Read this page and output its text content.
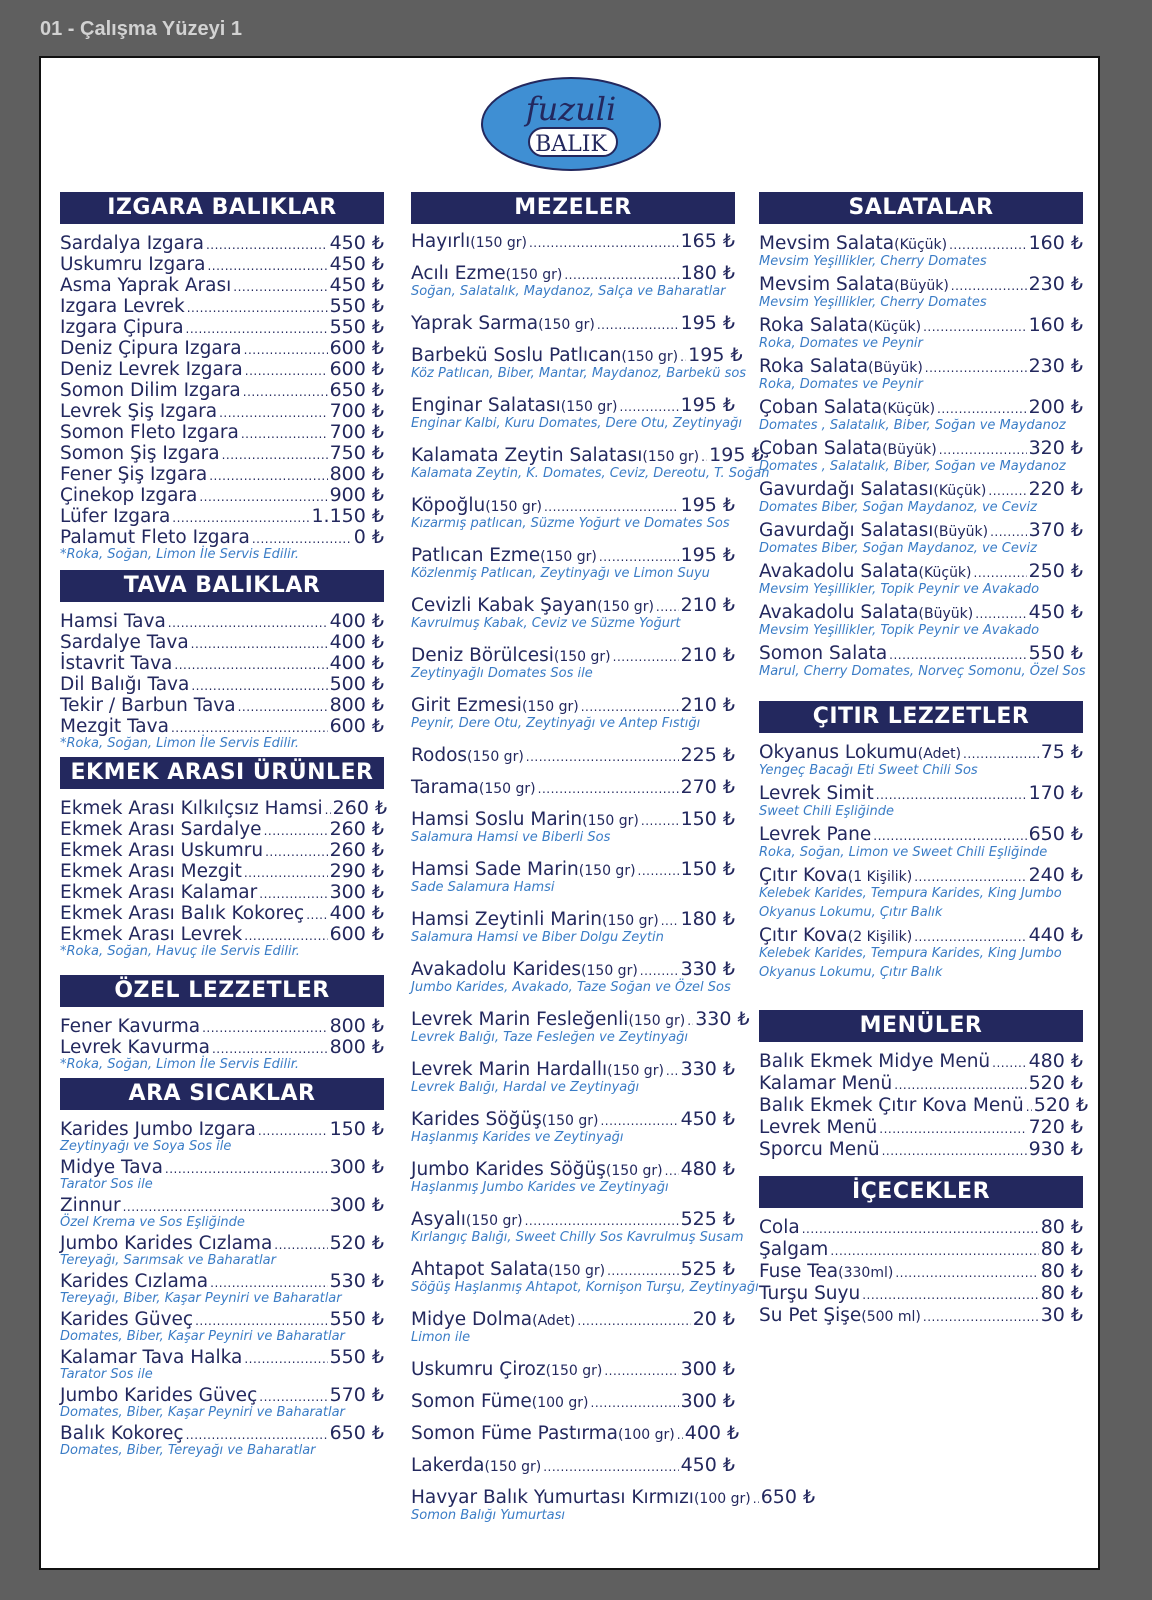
01 - Çalışma Yüzeyi 1
fuzuli
BALIK
IZGARA BALIKLAR
Sardalya Izgara .....	450 ₺
Uskumru Izgara .....	450 ₺
Asma Yaprak Arası .....	450 ₺
Izgara Levrek .....	550 ₺
Izgara Çipura .....	550 ₺
Deniz Çipura Izgara .....	600 ₺
Deniz Levrek Izgara .....	600 ₺
Somon Dilim Izgara .....	650 ₺
Levrek Şiş Izgara .....	700 ₺
Somon Fleto Izgara .....	700 ₺
Somon Şiş Izgara .....	750 ₺
Fener Şiş Izgara .....	800 ₺
Çinekop Izgara .....	900 ₺
Lüfer Izgara .....	1.150 ₺
Palamut Fleto Izgara .....	0 ₺
*Roka, Soğan, Limon İle Servis Edilir.
TAVA BALIKLAR
Hamsi Tava .....	400 ₺
Sardalye Tava .....	400 ₺
İstavrit Tava .....	400 ₺
Dil Balığı Tava .....	500 ₺
Tekir / Barbun Tava .....	800 ₺
Mezgit Tava .....	600 ₺
*Roka, Soğan, Limon İle Servis Edilir.
EKMEK ARASI ÜRÜNLER
Ekmek Arası Kılkılçsız Hamsi ..... 260 ₺
Ekmek Arası Sardalye .....	260 ₺
Ekmek Arası Uskumru .....	260 ₺
Ekmek Arası Mezgit .....	290 ₺
Ekmek Arası Kalamar .....	300 ₺
Ekmek Arası Balık Kokoreç ..... 400 ₺
Ekmek Arası Levrek .....	600 ₺
*Roka, Soğan, Havuç ile Servis Edilir.
ÖZEL LEZZETLER
Fener Kavurma .....	800 ₺
Levrek Kavurma .....	800 ₺
*Roka, Soğan, Limon İle Servis Edilir.
ARA SICAKLAR
Karides Jumbo Izgara .....	150 ₺
Zeytinyağı ve Soya Sos ile
Midye Tava .....	300 ₺
Tarator Sos ile
Zinnur .....	300 ₺
Özel Krema ve Sos Eşliğinde
Jumbo Karides Cızlama .....	520 ₺
Tereyağı, Sarımsak ve Baharatlar
Karides Cızlama .....	530 ₺
Tereyağı, Biber, Kaşar Peyniri ve Baharatlar
Karides Güveç .....	550 ₺
Domates, Biber, Kaşar Peyniri ve Baharatlar
Kalamar Tava Halka .....	550 ₺
Tarator Sos ile
Jumbo Karides Güveç .....	570 ₺
Domates, Biber, Kaşar Peyniri ve Baharatlar
Balık Kokoreç .....	650 ₺
Domates, Biber, Tereyağı ve Baharatlar
MEZELER
Hayırlı(150 gr) .....	165 ₺
Acılı Ezme(150 gr) .....	180 ₺
Soğan, Salatalık, Maydanoz, Salça ve Baharatlar
Yaprak Sarma(150 gr) .....	195 ₺
Barbekü Soslu Patlıcan(150 gr) ..... 195 ₺
Köz Patlıcan, Biber, Mantar, Maydanoz, Barbekü sos
Enginar Salatası(150 gr) .....	195 ₺
Enginar Kalbi, Kuru Domates, Dere Otu, Zeytinyağı
Kalamata Zeytin Salatası(150 gr) ..... 195 ₺
Kalamata Zeytin, K. Domates, Ceviz, Dereotu, T. Soğan
Köpoğlu(150 gr) .....	195 ₺
Kızarmış patlıcan, Süzme Yoğurt ve Domates Sos
Patlıcan Ezme(150 gr) .....	195 ₺
Közlenmiş Patlıcan, Zeytinyağı ve Limon Suyu
Cevizli Kabak Şayan(150 gr) ..... 210 ₺
Kavrulmuş Kabak, Ceviz ve Süzme Yoğurt
Deniz Börülcesi(150 gr) .....	210 ₺
Zeytinyağlı Domates Sos ile
Girit Ezmesi(150 gr) .....	210 ₺
Peynir, Dere Otu, Zeytinyağı ve Antep Fıstığı
Rodos(150 gr) .....	225 ₺
Tarama(150 gr) .....	270 ₺
Hamsi Soslu Marin(150 gr) ..... 150 ₺
Salamura Hamsi ve Biberli Sos
Hamsi Sade Marin(150 gr) ..... 150 ₺
Sade Salamura Hamsi
Hamsi Zeytinli Marin(150 gr) ..... 180 ₺
Salamura Hamsi ve Biber Dolgu Zeytin
Avakadolu Karides(150 gr) ..... 330 ₺
Jumbo Karides, Avakado, Taze Soğan ve Özel Sos
Levrek Marin Fesleğenli(150 gr) ..... 330 ₺
Levrek Balığı, Taze Fesleğen ve Zeytinyağı
Levrek Marin Hardallı(150 gr) ..... 330 ₺
Levrek Balığı, Hardal ve Zeytinyağı
Karides Söğüş(150 gr) .....	450 ₺
Haşlanmış Karides ve Zeytinyağı
Jumbo Karides Söğüş(150 gr) ..... 480 ₺
Haşlanmış Jumbo Karides ve Zeytinyağı
Asyalı(150 gr) .....	525 ₺
Kırlangıç Balığı, Sweet Chilly Sos Kavrulmuş Susam
Ahtapot Salata(150 gr) .....	525 ₺
Söğüş Haşlanmış Ahtapot, Kornişon Turşu, Zeytinyağı
Midye Dolma(Adet) .....	20 ₺
Limon ile
Uskumru Çiroz(150 gr) .....	300 ₺
Somon Füme(100 gr) .....	300 ₺
Somon Füme Pastırma(100 gr) ..... 400 ₺
Lakerda(150 gr) .....	450 ₺
Havyar Balık Yumurtası Kırmızı(100 gr) ..... 650 ₺
Somon Balığı Yumurtası
SALATALAR
Mevsim Salata(Küçük) .....	160 ₺
Mevsim Yeşillikler, Cherry Domates
Mevsim Salata(Büyük) .....	230 ₺
Mevsim Yeşillikler, Cherry Domates
Roka Salata(Küçük) .....	160 ₺
Roka, Domates ve Peynir
Roka Salata(Büyük) .....	230 ₺
Roka, Domates ve Peynir
Çoban Salata(Küçük) .....	200 ₺
Domates , Salatalık, Biber, Soğan ve Maydanoz
Çoban Salata(Büyük) .....	320 ₺
Domates , Salatalık, Biber, Soğan ve Maydanoz
Gavurdağı Salatası(Küçük) ..... 220 ₺
Domates Biber, Soğan Maydanoz, ve Ceviz
Gavurdağı Salatası(Büyük) ..... 370 ₺
Domates Biber, Soğan Maydanoz, ve Ceviz
Avakadolu Salata(Küçük) .....	250 ₺
Mevsim Yeşillikler, Topik Peynir ve Avakado
Avakadolu Salata(Büyük) .....	450 ₺
Mevsim Yeşillikler, Topik Peynir ve Avakado
Somon Salata .....	550 ₺
Marul, Cherry Domates, Norveç Somonu, Özel Sos
ÇITIR LEZZETLER
Okyanus Lokumu(Adet) .....	75 ₺
Yengeç Bacağı Eti Sweet Chili Sos
Levrek Simit .....	170 ₺
Sweet Chili Eşliğinde
Levrek Pane .....	650 ₺
Roka, Soğan, Limon ve Sweet Chili Eşliğinde
Çıtır Kova(1 Kişilik) .....	240 ₺
Kelebek Karides, Tempura Karides, King Jumbo
Okyanus Lokumu, Çıtır Balık
Çıtır Kova(2 Kişilik) .....	440 ₺
Kelebek Karides, Tempura Karides, King Jumbo
Okyanus Lokumu, Çıtır Balık
MENÜLER
Balık Ekmek Midye Menü ..... 480 ₺
Kalamar Menü .....	520 ₺
Balık Ekmek Çıtır Kova Menü ..... 520 ₺
Levrek Menü .....	720 ₺
Sporcu Menü .....	930 ₺
İÇECEKLER
Cola .....	80 ₺
Şalgam .....	80 ₺
Fuse Tea(330ml) .....	80 ₺
Turşu Suyu .....	80 ₺
Su Pet Şişe(500 ml) .....	30 ₺
